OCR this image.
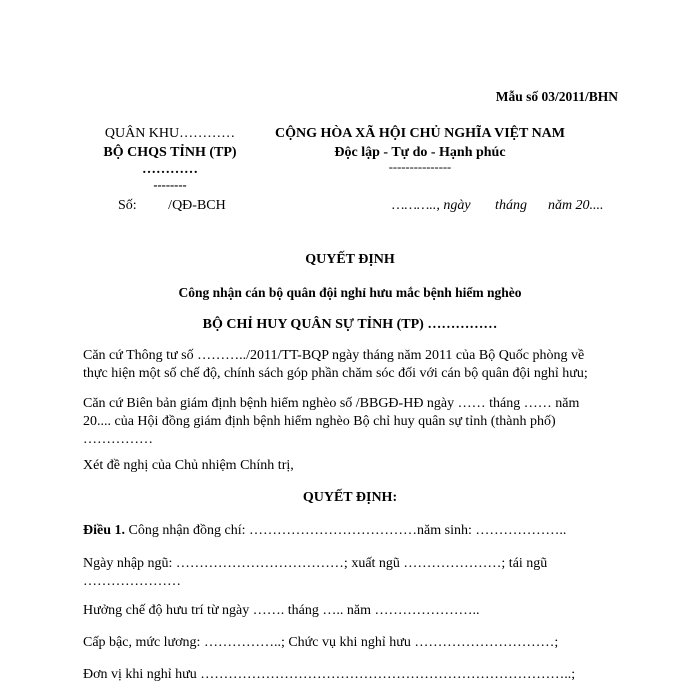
Mẫu số 03/2011/BHN
QUÂN KHU…………
BỘ CHQS TỈNH (TP)
…………
--------
CỘNG HÒA XÃ HỘI CHỦ NGHĨA VIỆT NAM
Độc lập - Tự do - Hạnh phúc
---------------
Số:         /QĐ-BCH	……….., ngày       tháng      năm 20....
QUYẾT ĐỊNH
Công nhận cán bộ quân đội nghỉ hưu mắc bệnh hiểm nghèo
BỘ CHỈ HUY QUÂN SỰ TỈNH (TP) ……………
Căn cứ Thông tư số ………../2011/TT-BQP ngày tháng năm 2011 của Bộ Quốc phòng về thực hiện một số chế độ, chính sách góp phần chăm sóc đối với cán bộ quân đội nghỉ hưu;
Căn cứ Biên bản giám định bệnh hiểm nghèo số /BBGĐ-HĐ ngày …… tháng …… năm 20.... của Hội đồng giám định bệnh hiểm nghèo Bộ chỉ huy quân sự tỉnh (thành phố) ……………
Xét đề nghị của Chủ nhiệm Chính trị,
QUYẾT ĐỊNH:
Điều 1. Công nhận đồng chí: ………………………………năm sinh: ………………..
Ngày nhập ngũ: ………………………………; xuất ngũ …………………; tái ngũ …………………
Hưởng chế độ hưu trí từ ngày ……. tháng ….. năm …………………..
Cấp bậc, mức lương: ……………..; Chức vụ khi nghỉ hưu …………………………;
Đơn vị khi nghỉ hưu ……………………………………………………………………..;
